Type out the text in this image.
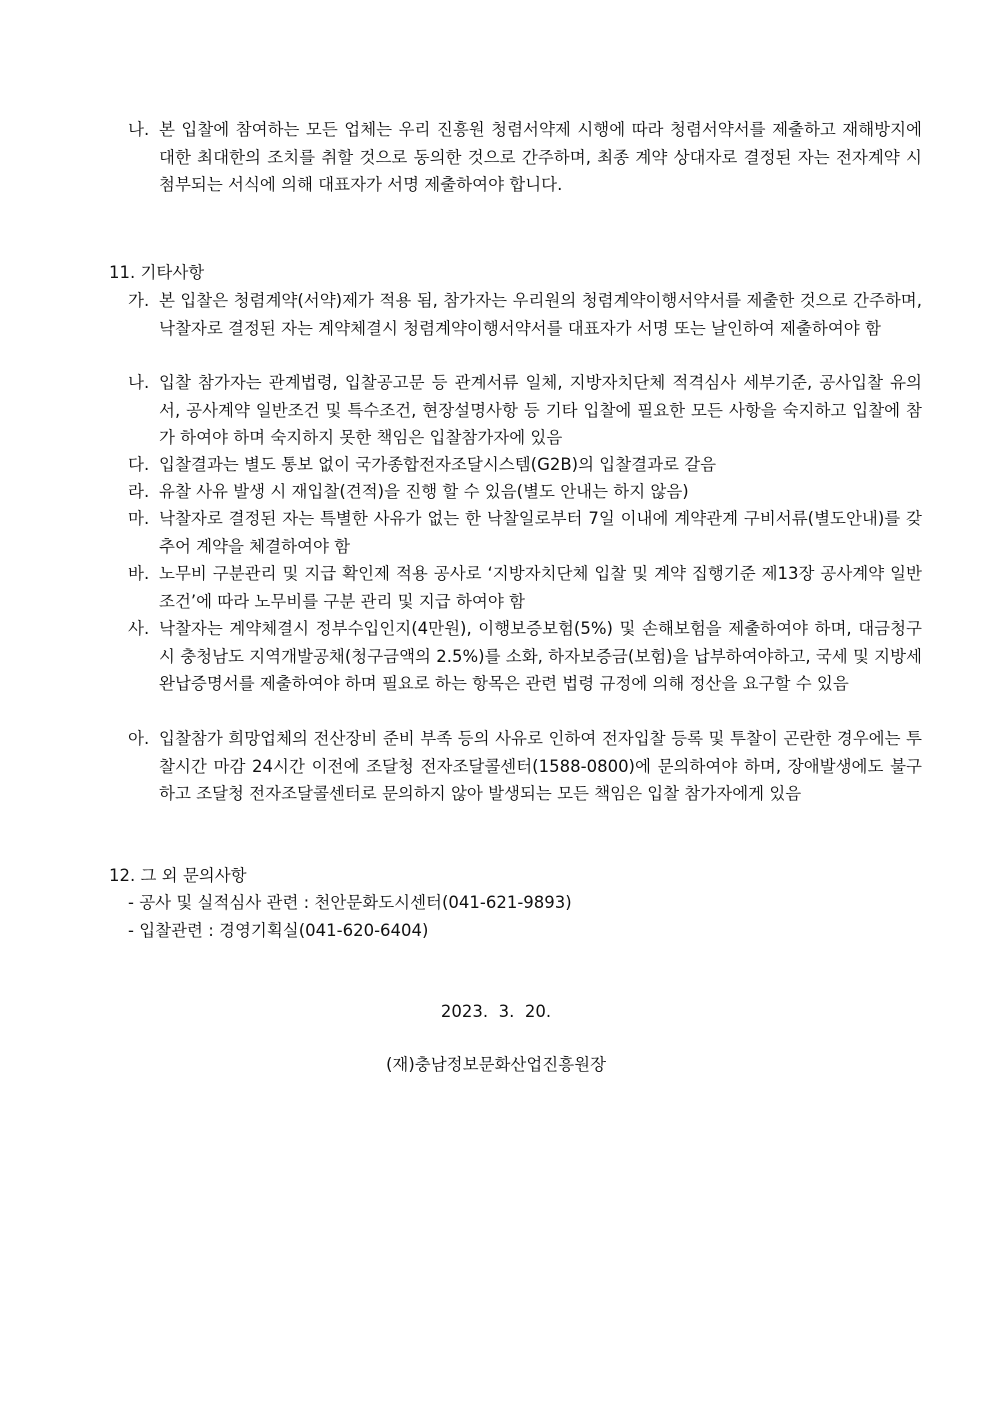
나. 본 입찰에 참여하는 모든 업체는 우리 진흥원 청렴서약제 시행에 따라 청렴서약서를 제출하고 재해방지에 대한 최대한의 조치를 취할 것으로 동의한 것으로 간주하며, 최종 계약 상대자로 결정된 자는 전자계약 시 첨부되는 서식에 의해 대표자가 서명 제출하여야 합니다.
11. 기타사항
가. 본 입찰은 청렴계약(서약)제가 적용 됨, 참가자는 우리원의 청렴계약이행서약서를 제출한 것으로 간주하며, 낙찰자로 결정된 자는 계약체결시 청렴계약이행서약서를 대표자가 서명 또는 날인하여 제출하여야 함
나. 입찰 참가자는 관계법령, 입찰공고문 등 관계서류 일체, 지방자치단체 적격심사 세부기준, 공사입찰 유의서, 공사계약 일반조건 및 특수조건, 현장설명사항 등 기타 입찰에 필요한 모든 사항을 숙지하고 입찰에 참가 하여야 하며 숙지하지 못한 책임은 입찰참가자에 있음
다. 입찰결과는 별도 통보 없이 국가종합전자조달시스템(G2B)의 입찰결과로 갈음
라. 유찰 사유 발생 시 재입찰(견적)을 진행 할 수 있음(별도 안내는 하지 않음)
마. 낙찰자로 결정된 자는 특별한 사유가 없는 한 낙찰일로부터 7일 이내에 계약관계 구비서류(별도안내)를 갖추어 계약을 체결하여야 함
바. 노무비 구분관리 및 지급 확인제 적용 공사로 ‘지방자치단체 입찰 및 계약 집행기준 제13장 공사계약 일반조건’에 따라 노무비를 구분 관리 및 지급 하여야 함
사. 낙찰자는 계약체결시 정부수입인지(4만원), 이행보증보험(5%) 및 손해보험을 제출하여야 하며, 대금청구 시 충청남도 지역개발공채(청구금액의 2.5%)를 소화, 하자보증금(보험)을 납부하여야하고, 국세 및 지방세 완납증명서를 제출하여야 하며 필요로 하는 항목은 관련 법령 규정에 의해 정산을 요구할 수 있음
아. 입찰참가 희망업체의 전산장비 준비 부족 등의 사유로 인하여 전자입찰 등록 및 투찰이 곤란한 경우에는 투찰시간 마감 24시간 이전에 조달청 전자조달콜센터(1588-0800)에 문의하여야 하며, 장애발생에도 불구하고 조달청 전자조달콜센터로 문의하지 않아 발생되는 모든 책임은 입찰 참가자에게 있음
12. 그 외 문의사항
- 공사 및 실적심사 관련 : 천안문화도시센터(041-621-9893)
- 입찰관련 : 경영기획실(041-620-6404)
2023.  3.  20.
(재)충남정보문화산업진흥원장
